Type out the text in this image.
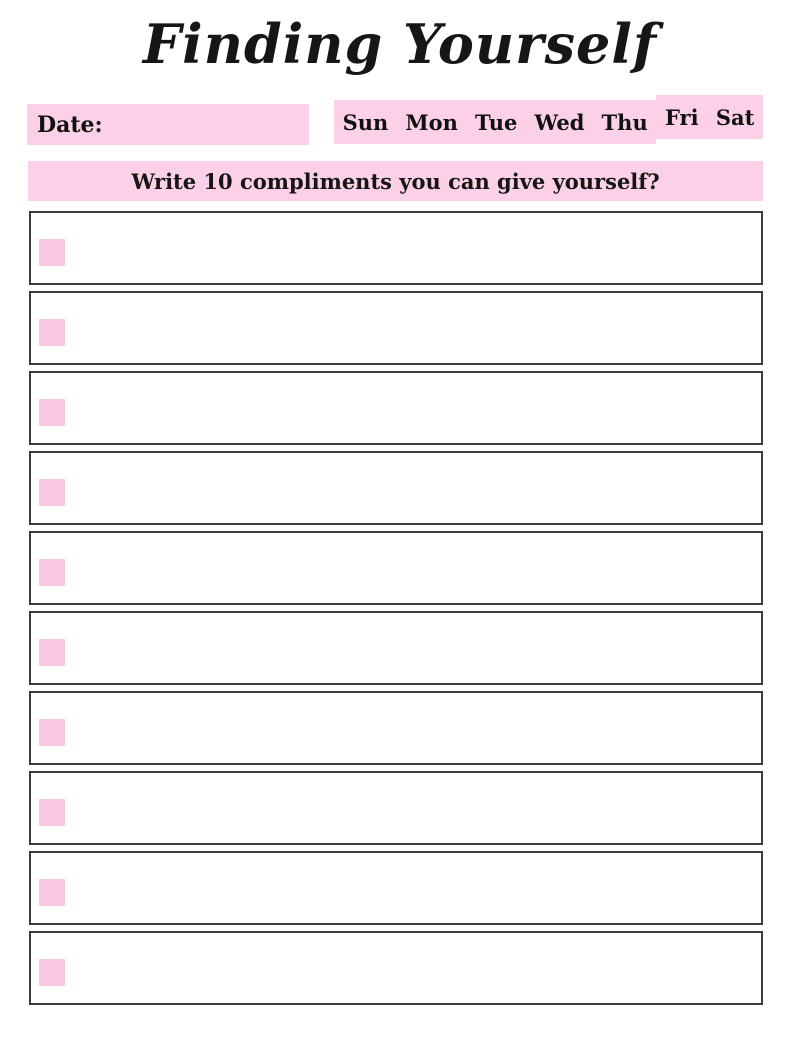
Finding Yourself
Date:	Sun Mon Tue Wed Thu Fri Sat
Write 10 compliments you can give yourself?
